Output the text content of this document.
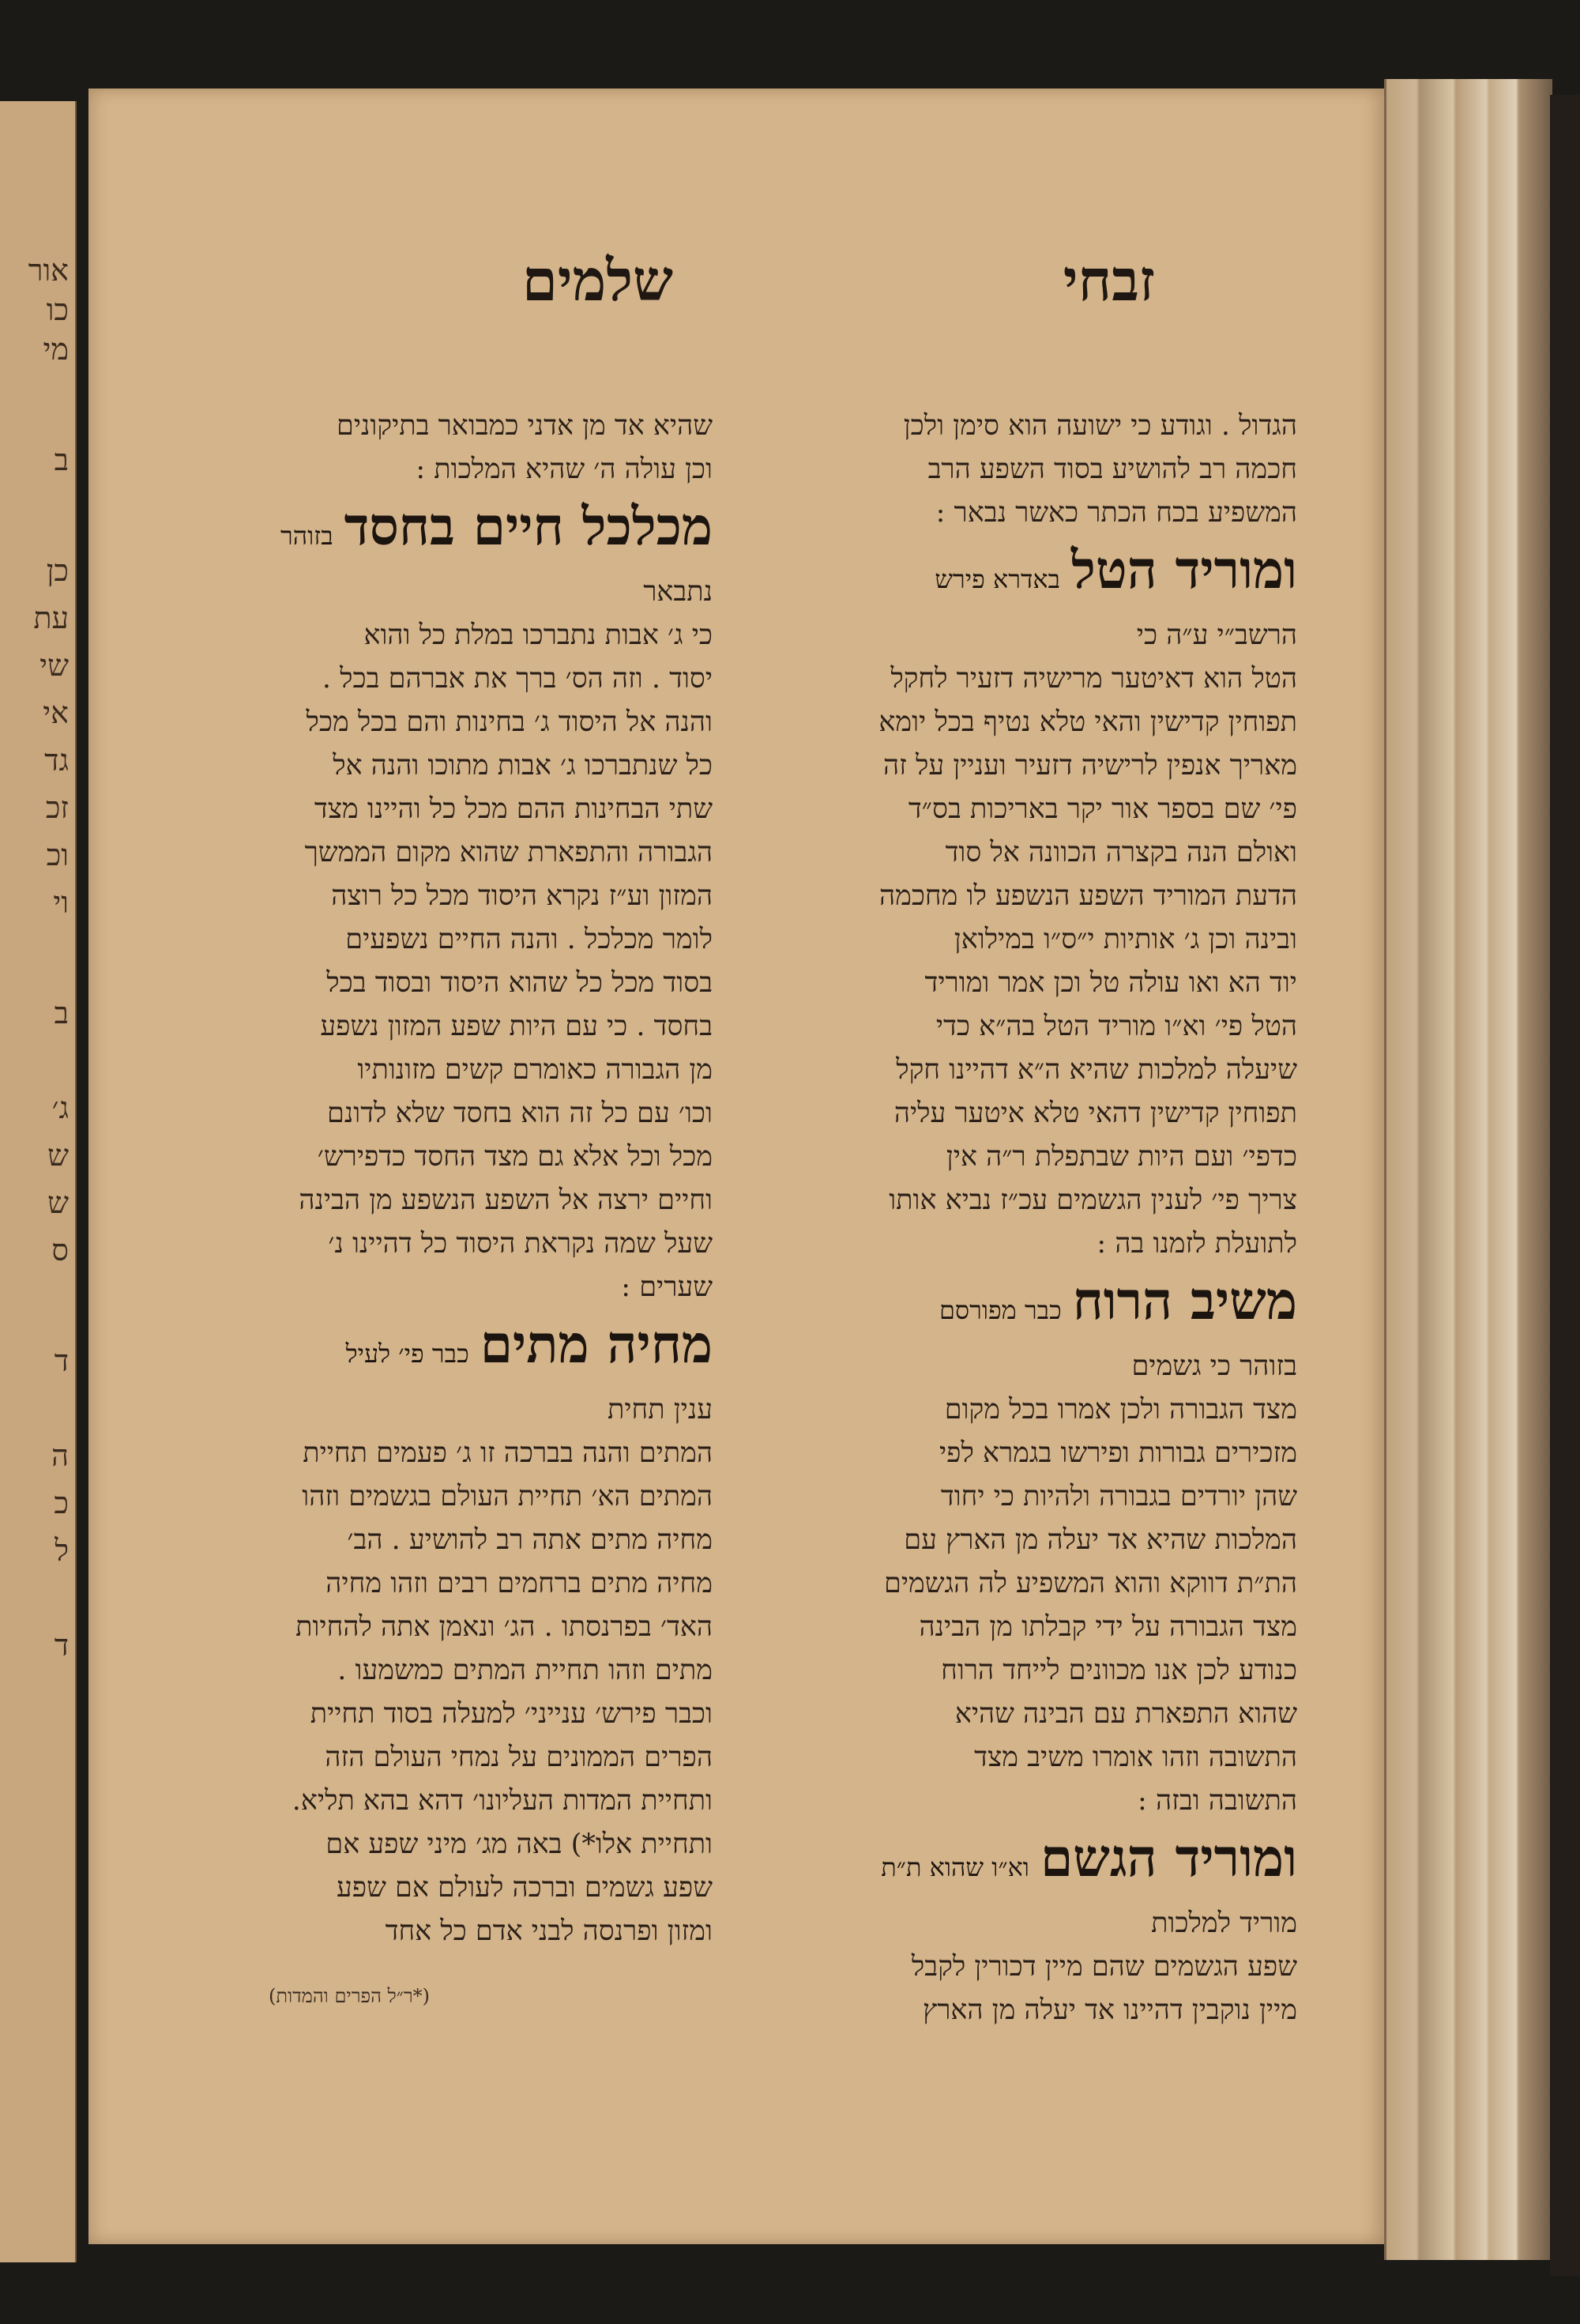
אור
כו
מי
ב
כן
עת
שי
אי
גד
זכ
וכ
וי
ב
ג׳
ש
ש
ס
ד
ה
כ
ל
ד
זבחי
שלמים
הגדול . וגודע כי ישועה הוא סימן ולכן
חכמה רב להושיע בסוד השפע הרב
המשפיע בכח הכתר כאשר נבאר :
ומוריד הטלבאדרא פירש
הרשב״י ע״ה כי
הטל הוא דאיטער מרישיה דזעיר לחקל
תפוחין קדישין והאי טלא נטיף בכל יומא
מאריך אנפין לרישיה דזעיר ועניין על זה
פי׳ שם בספר אור יקר באריכות בס״ד
ואולם הנה בקצרה הכוונה אל סוד
הדעת המוריד השפע הנשפע לו מחכמה
ובינה וכן ג׳ אותיות י״ס״ו במילואן
יוד הא ואו עולה טל וכן אמר ומוריד
הטל פי׳ וא״ו מוריד הטל בה״א כדי
שיעלה למלכות שהיא ה״א דהיינו חקל
תפוחין קדישין דהאי טלא איטער עליה
כדפי׳ ועם היות שבתפלת ר״ה אין
צריך פי׳ לענין הגשמים עכ״ז נביא אותו
לתועלת לזמנו בה :
משיב הרוחכבר מפורסם
בזוהר כי גשמים
מצד הגבורה ולכן אמרו בכל מקום
מזכירים גבורות ופירשו בגמרא לפי
שהן יורדים בגבורה ולהיות כי יחוד
המלכות שהיא אד יעלה מן הארץ עם
הת״ת דווקא והוא המשפיע לה הגשמים
מצד הגבורה על ידי קבלתו מן הבינה
כנודע לכן אנו מכוונים לייחד הרוח
שהוא התפארת עם הבינה שהיא
התשובה וזהו אומרו משיב מצד
התשובה ובזה :
ומוריד הגשםוא״ו שהוא ת״ת
מוריד למלכות
שפע הגשמים שהם מיין דכורין לקבל
מיין נוקבין דהיינו אד יעלה מן הארץ
שהיא אד מן אדני כמבואר בתיקונים
וכן עולה ה׳ שהיא המלכות :
מכלכל חיים בחסדבזוהר
נתבאר
כי ג׳ אבות נתברכו במלת כל והוא
יסוד . וזה הס׳ ברך את אברהם בכל .
והנה אל היסוד ג׳ בחינות והם בכל מכל
כל שנתברכו ג׳ אבות מתוכו והנה אל
שתי הבחינות ההם מכל כל והיינו מצד
הגבורה והתפארת שהוא מקום הממשך
המזון וע״ז נקרא היסוד מכל כל רוצה
לומר מכלכל . והנה החיים נשפעים
בסוד מכל כל שהוא היסוד ובסוד בכל
בחסד . כי עם היות שפע המזון נשפע
מן הגבורה כאומרם קשים מזונותיו
וכו׳ עם כל זה הוא בחסד שלא לדונם
מכל וכל אלא גם מצד החסד כדפירש׳
וחיים ירצה אל השפע הנשפע מן הבינה
שעל שמה נקראת היסוד כל דהיינו נ׳
שערים :
מחיה מתיםכבר פי׳ לעיל
ענין תחית
המתים והנה בברכה זו ג׳ פעמים תחיית
המתים הא׳ תחיית העולם בגשמים וזהו
מחיה מתים אתה רב להושיע . הב׳
מחיה מתים ברחמים רבים וזהו מחיה
האד׳ בפרנסתו . הג׳ ונאמן אתה להחיות
מתים וזהו תחיית המתים כמשמעו .
וכבר פירש׳ ענייני׳ למעלה בסוד תחיית
הפרים הממונים על נמחי העולם הזה
ותחיית המדות העליונו׳ דהא בהא תליא.
ותחיית אלו*) באה מג׳ מיני שפע אם
שפע גשמים וברכה לעולם אם שפע
ומזון ופרנסה לבני אדם כל אחד
(*ר״ל הפרים והמדות)
